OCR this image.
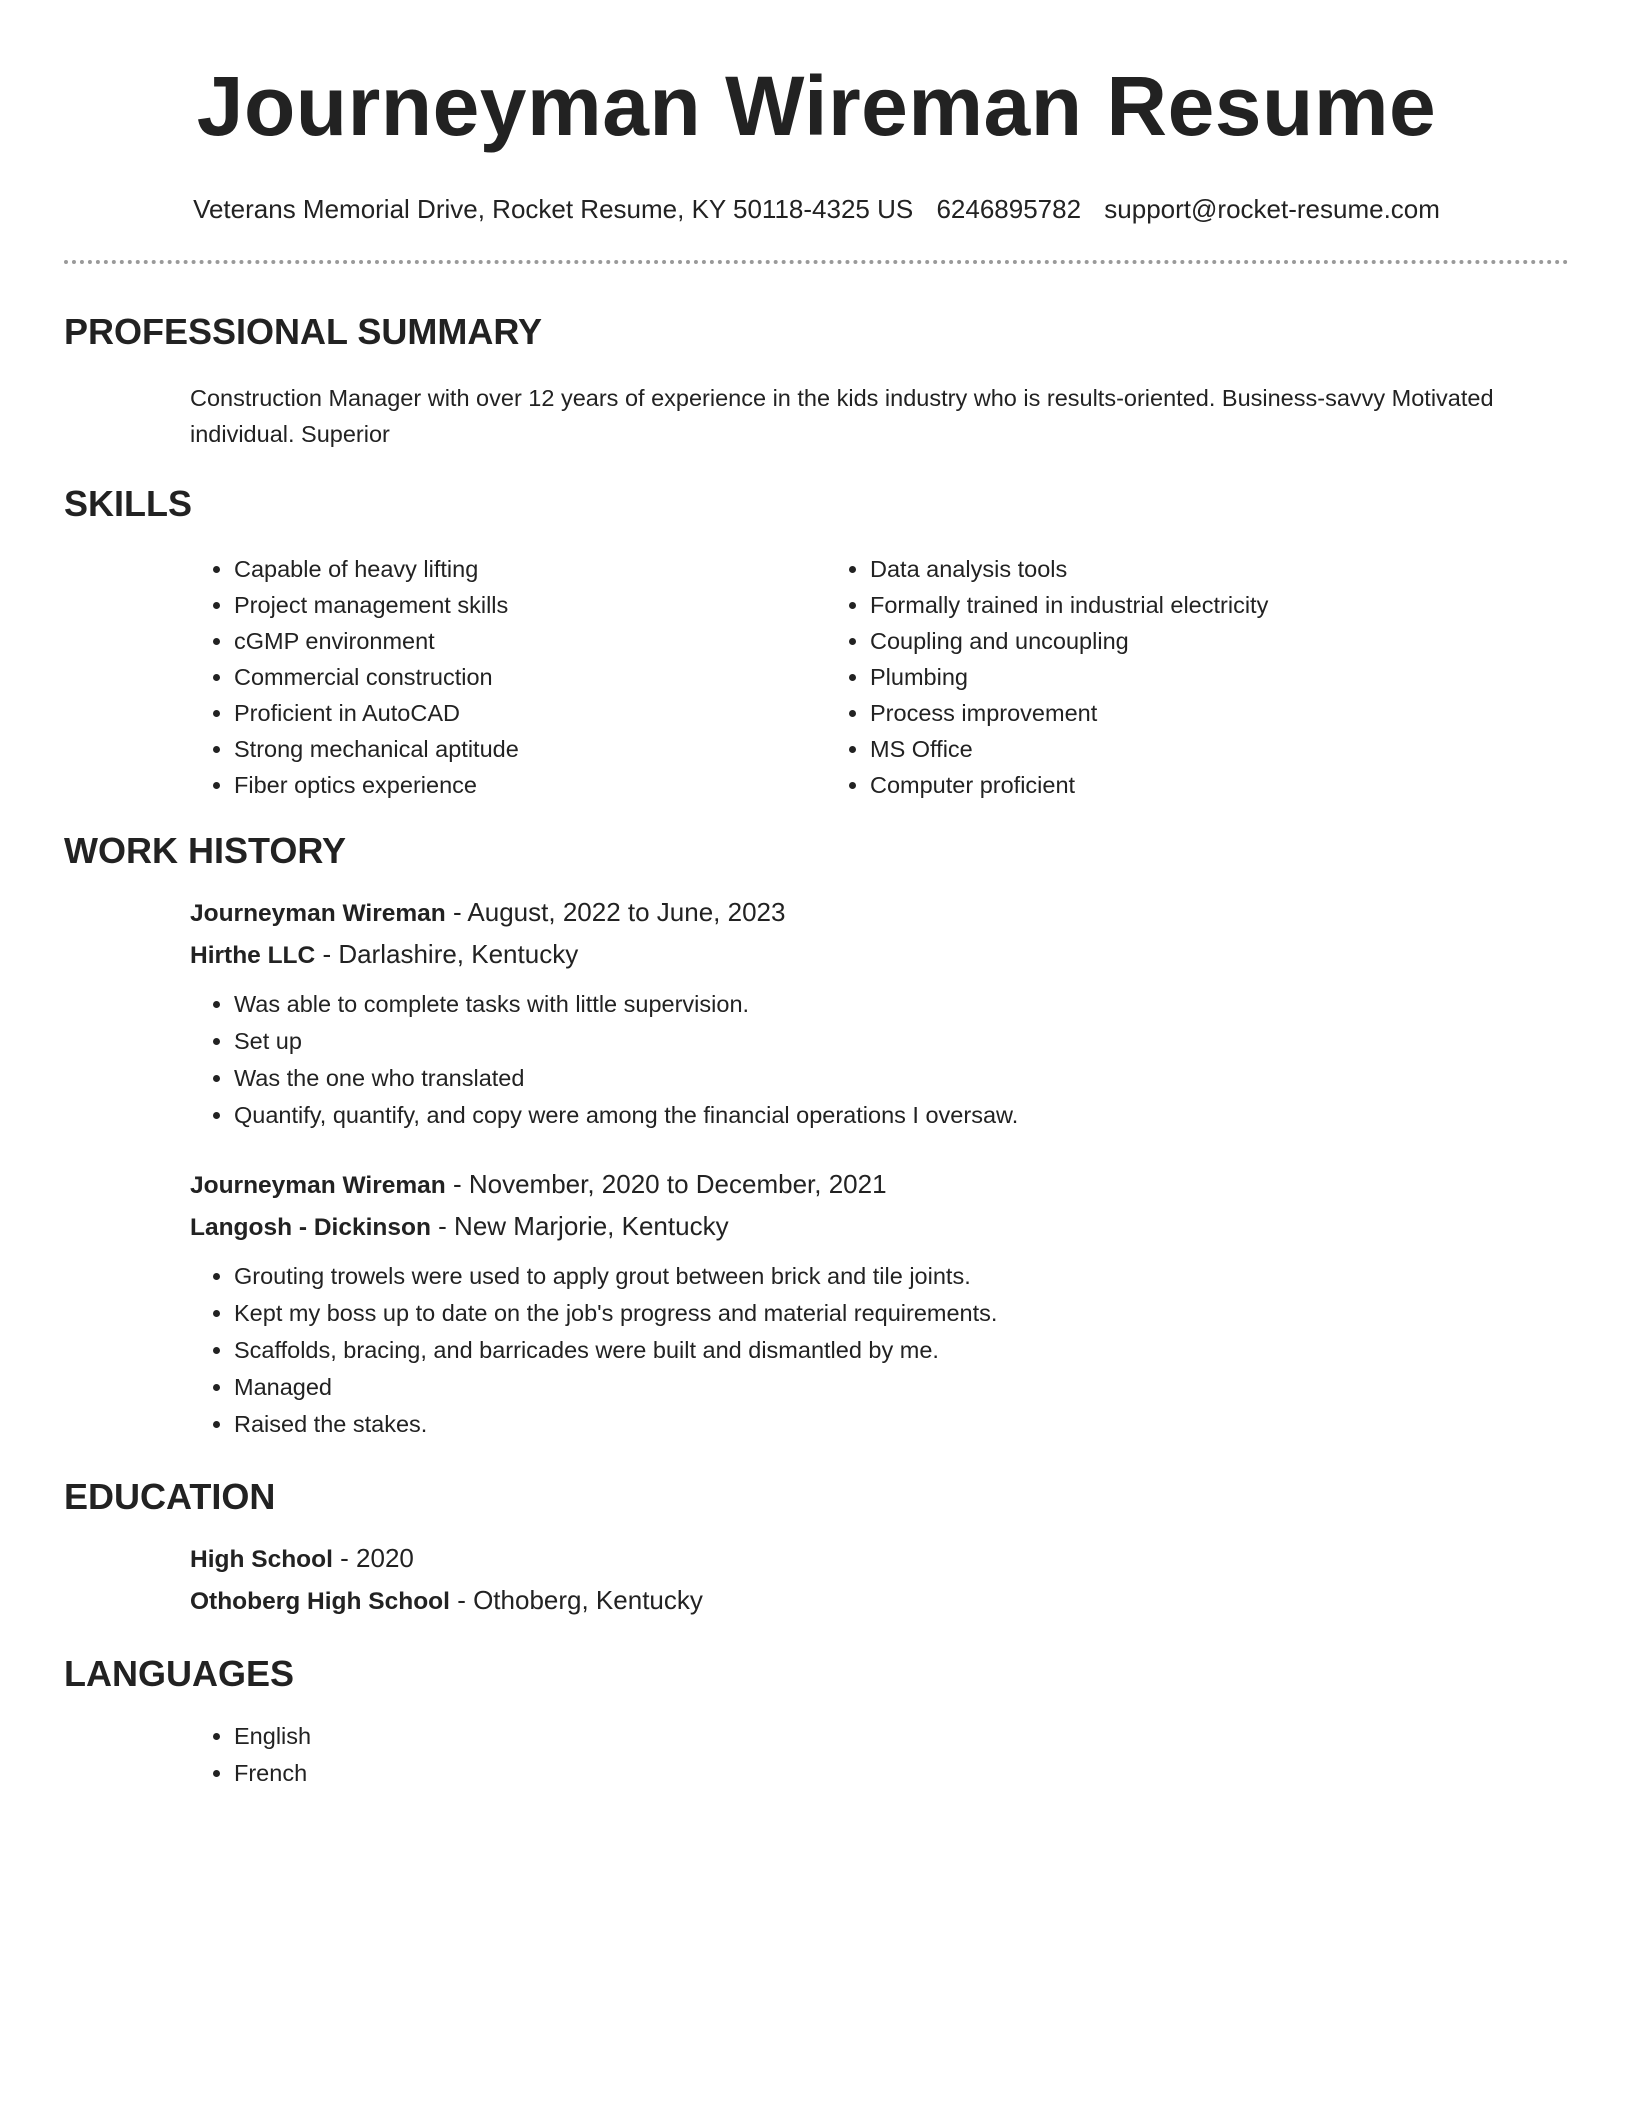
Journeyman Wireman Resume
Veterans Memorial Drive, Rocket Resume, KY 50118-4325 US 6246895782 support@rocket-resume.com
PROFESSIONAL SUMMARY

Construction Manager with over 12 years of experience in the kids industry who is results-oriented. Business-savvy Motivated individual. Superior

SKILLS
• Capable of heavy lifting
• Project management skills
• cGMP environment
• Commercial construction
• Proficient in AutoCAD
• Strong mechanical aptitude
• Fiber optics experience
• Data analysis tools
• Formally trained in industrial electricity
• Coupling and uncoupling
• Plumbing
• Process improvement
• MS Office
• Computer proficient
WORK HISTORY
Journeyman Wireman - August, 2022 to June, 2023
Hirthe LLC - Darlashire, Kentucky
• Was able to complete tasks with little supervision.
• Set up
• Was the one who translated
• Quantify, quantify, and copy were among the financial operations I oversaw.
Journeyman Wireman - November, 2020 to December, 2021
Langosh - Dickinson - New Marjorie, Kentucky
• Grouting trowels were used to apply grout between brick and tile joints.
• Kept my boss up to date on the job's progress and material requirements.
• Scaffolds, bracing, and barricades were built and dismantled by me.
• Managed
• Raised the stakes.
EDUCATION
High School - 2020
Othoberg High School - Othoberg, Kentucky
LANGUAGES
• English
• French
